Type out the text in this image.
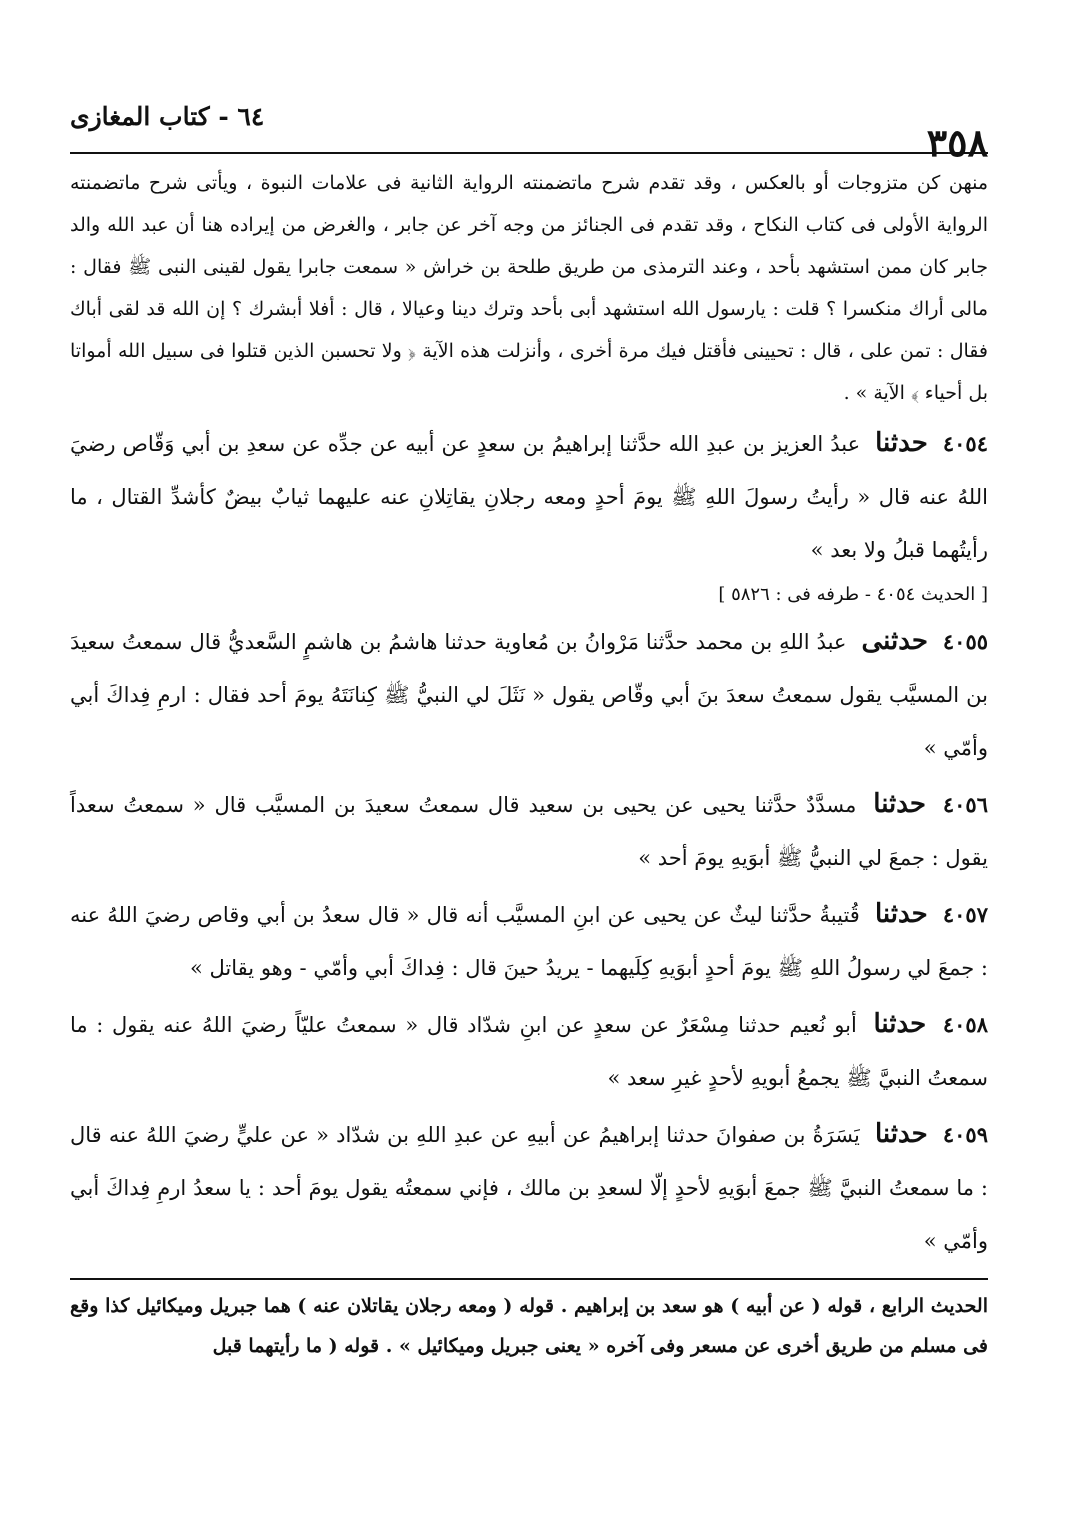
٣٥٨
٦٤ - كتاب المغازى

منهن كن متزوجات أو بالعكس ، وقد تقدم شرح ماتضمنته الرواية الثانية فى علامات النبوة ، ويأتى شرح ماتضمنته الرواية الأولى فى كتاب النكاح ، وقد تقدم فى الجنائز من وجه آخر عن جابر ، والغرض من إيراده هنا أن عبد الله والد جابر كان ممن استشهد بأحد ، وعند الترمذى من طريق طلحة بن خراش « سمعت جابرا يقول لقينى النبى ﷺ فقال : مالى أراك منكسرا ؟ قلت : يارسول الله استشهد أبى بأحد وترك دينا وعيالا ، قال : أفلا أبشرك ؟ إن الله قد لقى أباك فقال : تمن على ، قال : تحيينى فأقتل فيك مرة أخرى ، وأنزلت هذه الآية ﴿ ولا تحسبن الذين قتلوا فى سبيل الله أمواتا بل أحياء ﴾ الآية » .

٤٠٥٤ حدثنا عبدُ العزيز بن عبدِ الله حدَّثنا إبراهيمُ بن سعدٍ عن أبيه عن جدِّه عن سعدِ بن أبي وَقّاص رضيَ اللهُ عنه قال « رأيتُ رسولَ اللهِ ﷺ يومَ أحدٍ ومعه رجلانِ يقاتِلانِ عنه عليهما ثيابٌ بيضٌ كأشدِّ القتال ، ما رأيتُهما قبلُ ولا بعد »

[ الحديث ٤٠٥٤ - طرفه فى : ٥٨٢٦ ]

٤٠٥٥ حدثنى عبدُ اللهِ بن محمد حدَّثنا مَرْوانُ بن مُعاوية حدثنا هاشمُ بن هاشمٍ السَّعديُّ قال سمعتُ سعيدَ بن المسيَّب يقول سمعتُ سعدَ بنَ أبي وقّاص يقول « نَثَلَ لي النبيُّ ﷺ كِنانَتَهُ يومَ أحد فقال : ارمِ فِداكَ أبي وأمّي »

٤٠٥٦ حدثنا مسدَّدٌ حدَّثنا يحيى عن يحيى بن سعيد قال سمعتُ سعيدَ بن المسيَّب قال « سمعتُ سعداً يقول : جمعَ لي النبيُّ ﷺ أبوَيهِ يومَ أحد »

٤٠٥٧ حدثنا قُتيبةُ حدَّثنا ليثٌ عن يحيى عن ابنِ المسيَّب أنه قال « قال سعدُ بن أبي وقاص رضيَ اللهُ عنه : جمعَ لي رسولُ اللهِ ﷺ يومَ أحدٍ أبوَيهِ كِلَيهما - يريدُ حينَ قال : فِداكَ أبي وأمّي - وهو يقاتل »

٤٠٥٨ حدثنا أبو نُعيم حدثنا مِسْعَرٌ عن سعدٍ عن ابنِ شدّاد قال « سمعتُ عليّاً رضيَ اللهُ عنه يقول : ما سمعتُ النبيَّ ﷺ يجمعُ أبويهِ لأحدٍ غيرِ سعد »

٤٠٥٩ حدثنا يَسَرَةُ بن صفوانَ حدثنا إبراهيمُ عن أبيهِ عن عبدِ اللهِ بن شدّاد « عن عليٍّ رضيَ اللهُ عنه قال : ما سمعتُ النبيَّ ﷺ جمعَ أبوَيهِ لأحدٍ إلّا لسعدِ بن مالك ، فإني سمعتُه يقول يومَ أحد : يا سعدُ ارمِ فِداكَ أبي وأمّي »

الحديث الرابع ، قوله ( عن أبيه ) هو سعد بن إبراهيم . قوله ( ومعه رجلان يقاتلان عنه ) هما جبريل وميكائيل كذا وقع فى مسلم من طريق أخرى عن مسعر وفى آخره « يعنى جبريل وميكائيل » . قوله ( ما رأيتهما قبل
